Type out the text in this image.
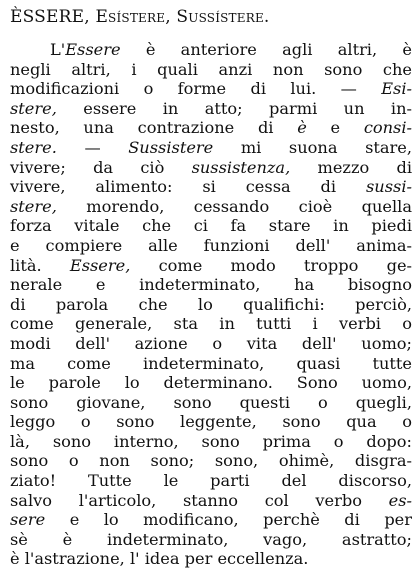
ÈSSERE, Esístere, Sussístere.
L'Essere è anteriore agli altri, è
negli altri, i quali anzi non sono che
modificazioni o forme di lui. — Esi-
stere, essere in atto; parmi un in-
nesto, una contrazione di è e consi-
stere. — Sussistere mi suona stare,
vivere; da ciò sussistenza, mezzo di
vivere, alimento: si cessa di sussi-
stere, morendo, cessando cioè quella
forza vitale che ci fa stare in piedi
e compiere alle funzioni dell' anima-
lità. Essere, come modo troppo ge-
nerale e indeterminato, ha bisogno
di parola che lo qualifichi: perciò,
come generale, sta in tutti i verbi o
modi dell' azione o vita dell' uomo;
ma come indeterminato, quasi tutte
le parole lo determinano. Sono uomo,
sono giovane, sono questi o quegli,
leggo o sono leggente, sono qua o
là, sono interno, sono prima o dopo:
sono o non sono; sono, ohimè, disgra-
ziato! Tutte le parti del discorso,
salvo l'articolo, stanno col verbo es-
sere e lo modificano, perchè di per
sè è indeterminato, vago, astratto;
è l'astrazione, l' idea per eccellenza.
